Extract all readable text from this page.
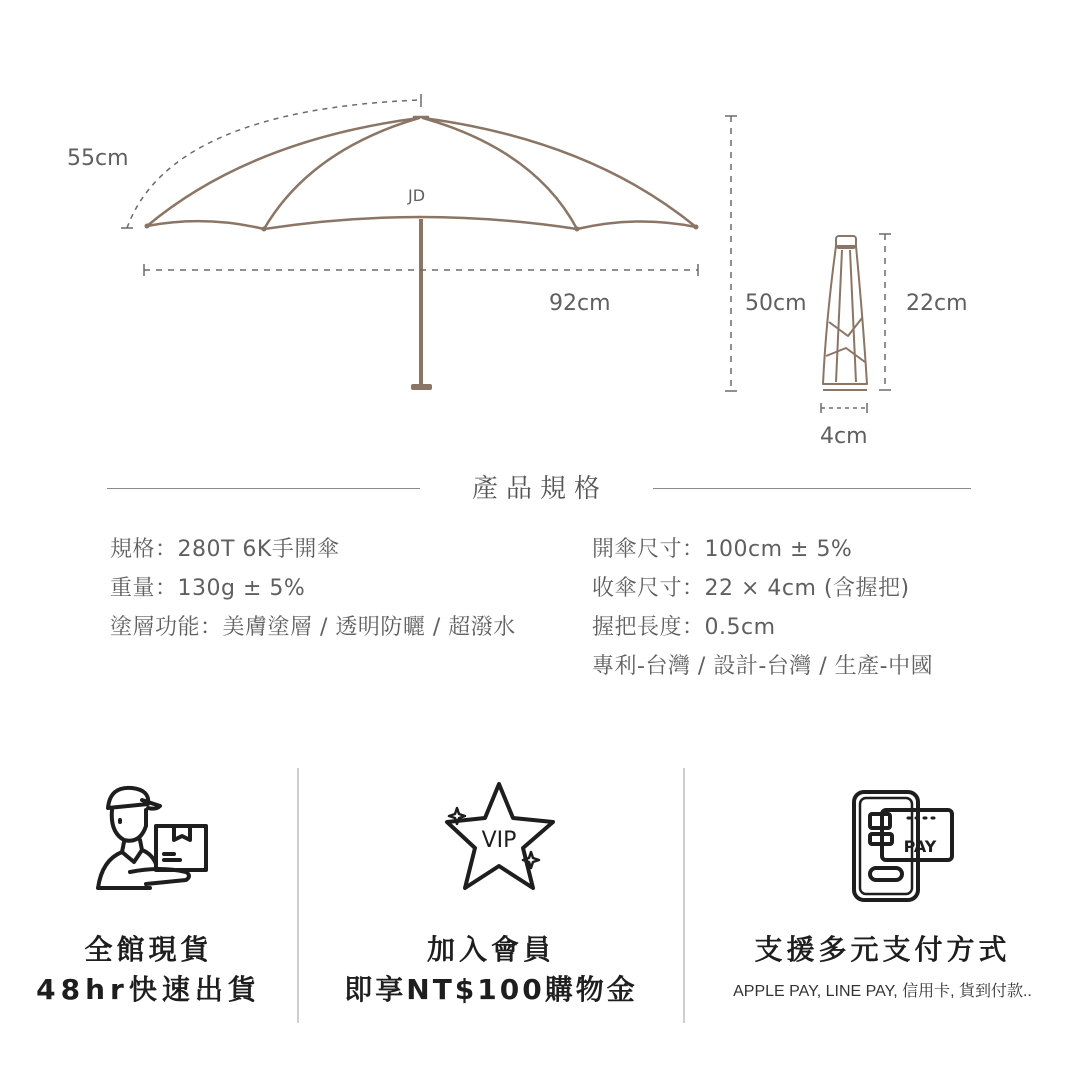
JD
55cm
92cm	50cm	22cm
4cm
產品規格
規格：280T 6K手開傘
重量：130g ± 5%
塗層功能：美膚塗層 / 透明防曬 / 超潑水
開傘尺寸：100cm ± 5%
收傘尺寸：22 × 4cm (含握把)
握把長度：0.5cm
專利-台灣 / 設計-台灣 / 生產-中國
全館現貨
48hr快速出貨
VIP
加入會員
即享NT$100購物金
PAY
支援多元支付方式
APPLE PAY, LINE PAY, 信用卡, 貨到付款..
